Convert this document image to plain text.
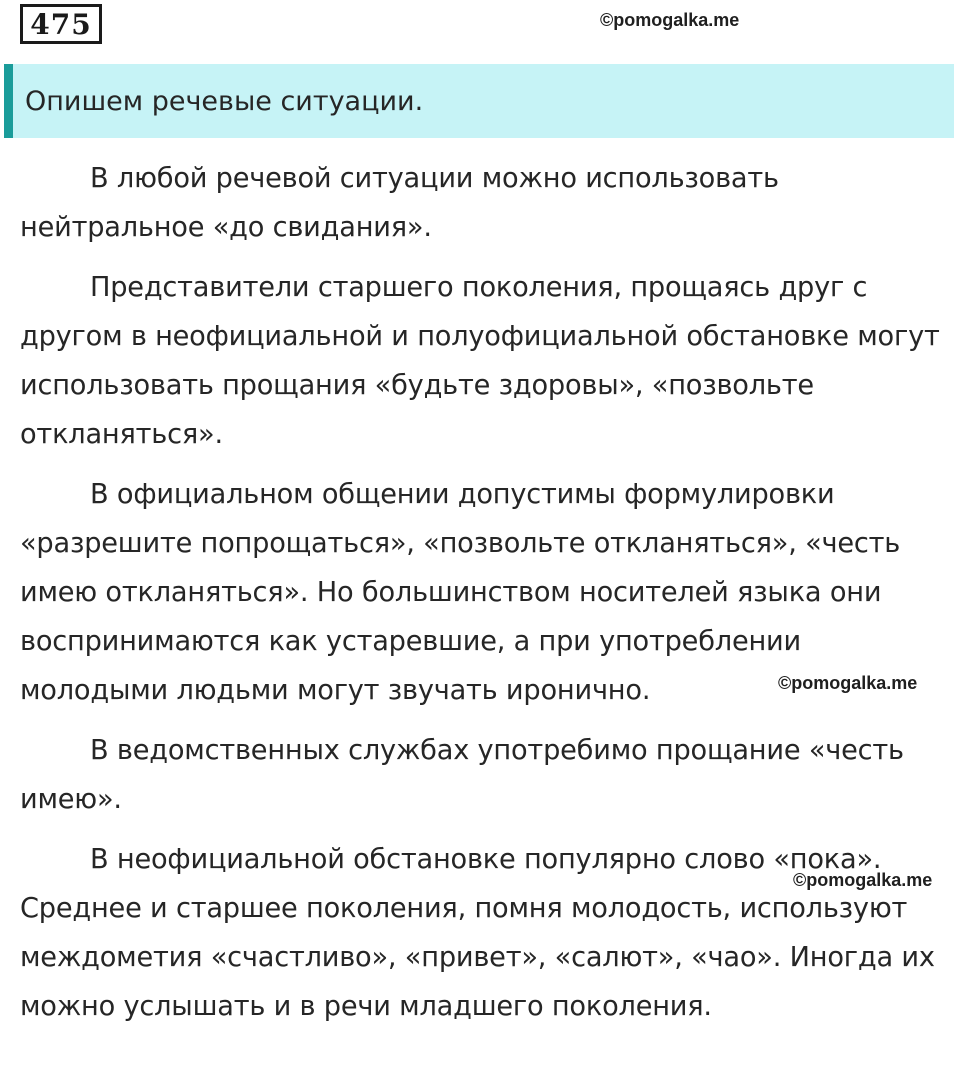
475	©pomogalka.me
Опишем речевые ситуации.

В любой речевой ситуации можно использовать нейтральное «до свидания».

Представители старшего поколения, прощаясь друг с другом в неофициальной и полуофициальной обстановке могут использовать прощания «будьте здоровы», «позвольте откланяться».

В официальном общении допустимы формулировки «разрешите попрощаться», «позвольте откланяться», «честь имею откланяться». Но большинством носителей языка они воспринимаются как устаревшие, а при употреблении молодыми людьми могут звучать иронично.

В ведомственных службах употребимо прощание «честь имею».

В неофициальной обстановке популярно слово «пока». Среднее и старшее поколения, помня молодость, используют междометия «счастливо», «привет», «салют», «чао». Иногда их можно услышать и в речи младшего поколения.

©pomogalka.me
©pomogalka.me
